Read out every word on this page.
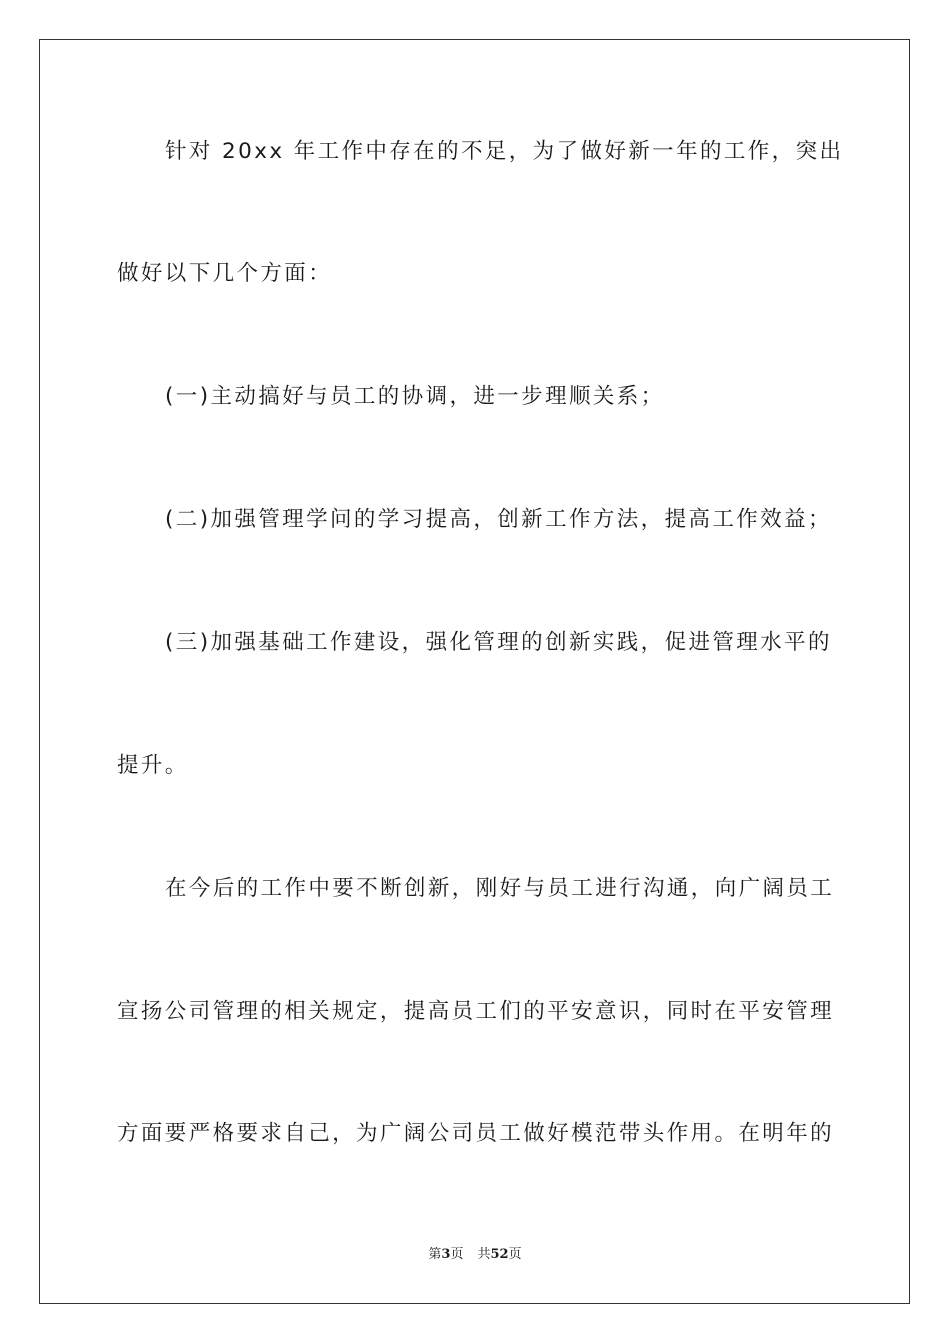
针对 20xx 年工作中存在的不足，为了做好新一年的工作，突出
做好以下几个方面：
(一)主动搞好与员工的协调，进一步理顺关系；
(二)加强管理学问的学习提高，创新工作方法，提高工作效益；
(三)加强基础工作建设，强化管理的创新实践，促进管理水平的
提升。
在今后的工作中要不断创新，刚好与员工进行沟通，向广阔员工
宣扬公司管理的相关规定，提高员工们的平安意识，同时在平安管理
方面要严格要求自己，为广阔公司员工做好模范带头作用。在明年的
第3页 共52页
